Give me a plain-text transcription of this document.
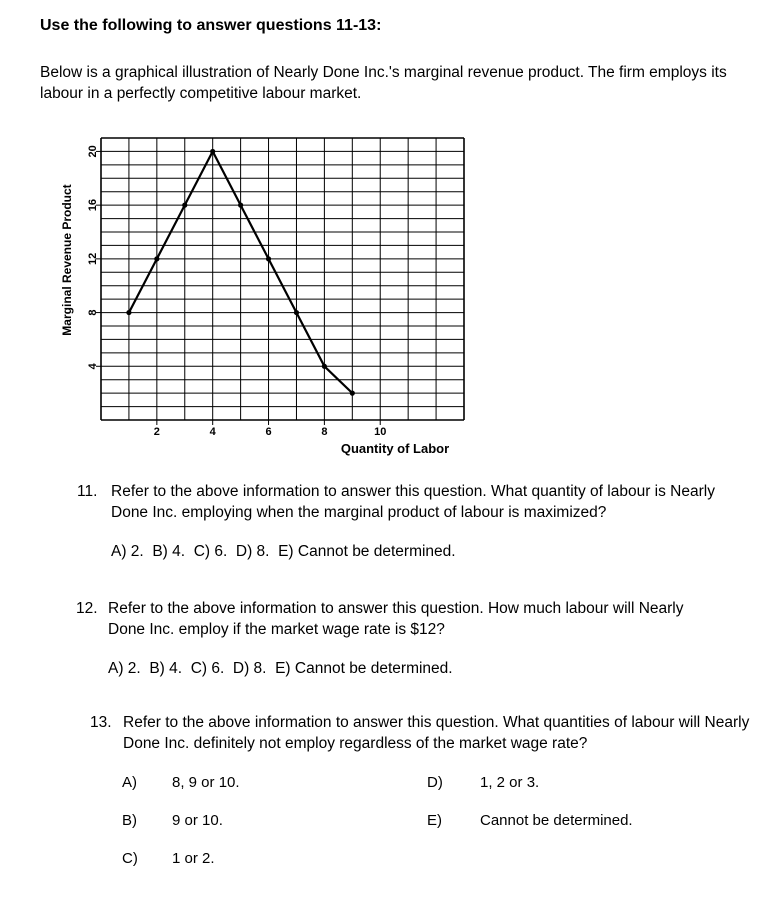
Use the following to answer questions 11-13:
Below is a graphical illustration of Nearly Done Inc.'s marginal revenue product. The firm employs its labour in a perfectly competitive labour market.
20
16
12
8
4
2	4	6	8	10
Marginal Revenue Product
Quantity of Labor
11. Refer to the above information to answer this question. What quantity of labour is Nearly Done Inc. employing when the marginal product of labour is maximized?
A) 2.  B) 4.  C) 6.  D) 8.  E) Cannot be determined.
12. Refer to the above information to answer this question. How much labour will Nearly Done Inc. employ if the market wage rate is $12?
A) 2.  B) 4.  C) 6.  D) 8.  E) Cannot be determined.
13. Refer to the above information to answer this question. What quantities of labour will Nearly Done Inc. definitely not employ regardless of the market wage rate?
A) 8, 9 or 10.
B) 9 or 10.
C) 1 or 2.
D) 1, 2 or 3.
E)	Cannot be determined.
